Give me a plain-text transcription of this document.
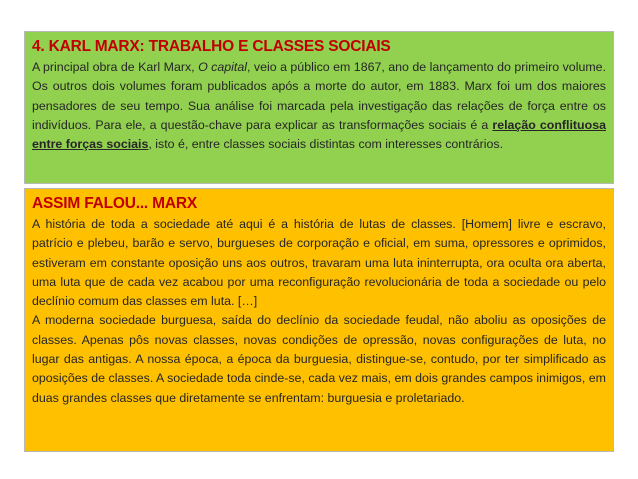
4. KARL MARX: TRABALHO E CLASSES SOCIAIS

A principal obra de Karl Marx, O capital, veio a público em 1867, ano de lançamento do primeiro volume. Os outros dois volumes foram publicados após a morte do autor, em 1883. Marx foi um dos maiores pensadores de seu tempo. Sua análise foi marcada pela investigação das relações de força entre os indivíduos. Para ele, a questão-chave para explicar as transformações sociais é a relação conflituosa entre forças sociais, isto é, entre classes sociais distintas com interesses contrários.

ASSIM FALOU... MARX

A história de toda a sociedade até aqui é a história de lutas de classes. [Homem] livre e escravo, patrício e plebeu, barão e servo, burgueses de corporação e oficial, em suma, opressores e oprimidos, estiveram em constante oposição uns aos outros, travaram uma luta ininterrupta, ora oculta ora aberta, uma luta que de cada vez acabou por uma reconfiguração revolucionária de toda a sociedade ou pelo declínio comum das classes em luta. […]

A moderna sociedade burguesa, saída do declínio da sociedade feudal, não aboliu as oposições de classes. Apenas pôs novas classes, novas condições de opressão, novas configurações de luta, no lugar das antigas. A nossa época, a época da burguesia, distingue-se, contudo, por ter simplificado as oposições de classes. A sociedade toda cinde-se, cada vez mais, em dois grandes campos inimigos, em duas grandes classes que diretamente se enfrentam: burguesia e proletariado.
